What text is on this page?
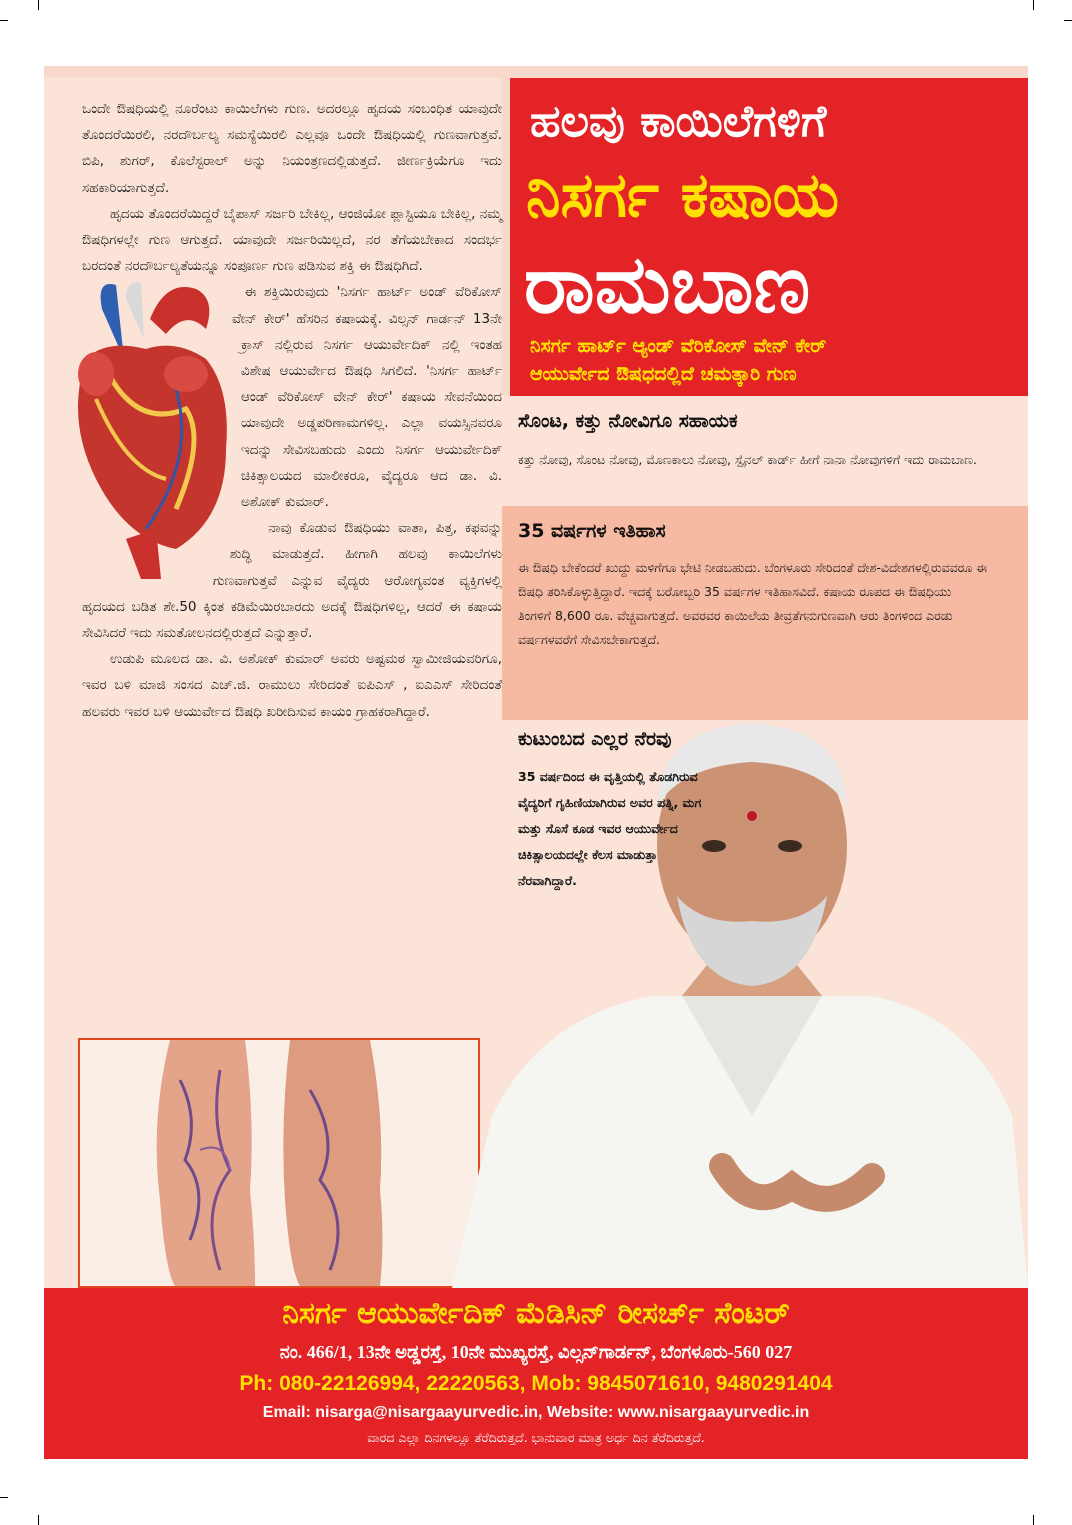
ಒಂದೇ ಔಷಧಿಯಲ್ಲಿ ನೂರೆಂಟು ಕಾಯಿಲೆಗಳು ಗುಣ. ಅದರಲ್ಲೂ ಹೃದಯ ಸಂಬಂಧಿತ ಯಾವುದೇ ತೊಂದರೆಯಿರಲಿ, ನರದೌರ್ಬಲ್ಯ ಸಮಸ್ಯೆಯಿರಲಿ ಎಲ್ಲವೂ ಒಂದೇ ಔಷಧಿಯಲ್ಲಿ ಗುಣವಾಗುತ್ತವೆ. ಬಿಪಿ, ಶುಗರ್, ಕೊಲೆಸ್ಟರಾಲ್ ಅನ್ನು ನಿಯಂತ್ರಣದಲ್ಲಿಡುತ್ತದೆ. ಜೀರ್ಣಕ್ರಿಯೆಗೂ ಇದು ಸಹಕಾರಿಯಾಗುತ್ತದೆ.

ಹೃದಯ ತೊಂದರೆಯಿದ್ದರೆ ಬೈಪಾಸ್ ಸರ್ಜರಿ ಬೇಕಿಲ್ಲ, ಆಂಜಿಯೋ ಪ್ಲಾಸ್ಟಿಯೂ ಬೇಕಿಲ್ಲ, ನಮ್ಮ ಔಷಧಿಗಳಲ್ಲೇ ಗುಣ ಆಗುತ್ತದೆ. ಯಾವುದೇ ಸರ್ಜರಿಯಿಲ್ಲದೆ, ನರ ತೆಗೆಯಬೇಕಾದ ಸಂದರ್ಭ ಬರದಂತೆ ನರದೌರ್ಬಲ್ಯತೆಯನ್ನೂ ಸಂಪೂರ್ಣ ಗುಣ ಪಡಿಸುವ ಶಕ್ತಿ ಈ ಔಷಧಿಗಿದೆ.

ಈ ಶಕ್ತಿಯಿರುವುದು 'ನಿಸರ್ಗ ಹಾರ್ಟ್ ಅಂಡ್ ವೆರಿಕೋಸ್ ವೇನ್ ಕೇರ್' ಹೆಸರಿನ ಕಷಾಯಕ್ಕೆ. ವಿಲ್ಸನ್ ಗಾರ್ಡನ್ 13ನೇ ಕ್ರಾಸ್ ನಲ್ಲಿರುವ ನಿಸರ್ಗ ಆಯುರ್ವೇದಿಕ್ ನಲ್ಲಿ ಇಂತಹ ವಿಶೇಷ ಆಯುರ್ವೇದ ಔಷಧಿ ಸಿಗಲಿದೆ. 'ನಿಸರ್ಗ ಹಾರ್ಟ್ ಆಂಡ್ ವೆರಿಕೋಸ್ ವೇನ್ ಕೇರ್' ಕಷಾಯ ಸೇವನೆಯಿಂದ ಯಾವುದೇ ಅಡ್ಡಪರಿಣಾಮಗಳಿಲ್ಲ. ಎಲ್ಲಾ ವಯಸ್ಸಿನವರೂ ಇದನ್ನು ಸೇವಿಸಬಹುದು ಎಂದು ನಿಸರ್ಗ ಆಯುರ್ವೇದಿಕ್ ಚಿಕಿತ್ಸಾಲಯದ ಮಾಲೀಕರೂ, ವೈದ್ಯರೂ ಆದ ಡಾ. ವಿ. ಅಶೋಕ್ ಕುಮಾರ್.

ನಾವು ಕೊಡುವ ಔಷಧಿಯು ವಾತಾ, ಪಿತ್ತ, ಕಫವನ್ನು ಶುದ್ಧಿ ಮಾಡುತ್ತದೆ. ಹೀಗಾಗಿ ಹಲವು ಕಾಯಿಲೆಗಳು ಗುಣವಾಗುತ್ತವೆ ಎನ್ನುವ ವೈದ್ಯರು ಆರೋಗ್ಯವಂತ ವ್ಯಕ್ತಿಗಳಲ್ಲಿ ಹೃದಯದ ಬಡಿತ ಶೇ.50 ಕ್ಕಿಂತ ಕಡಿಮೆಯಿರಬಾರದು ಅದಕ್ಕೆ ಔಷಧಿಗಳಿಲ್ಲ, ಆದರೆ ಈ ಕಷಾಯ ಸೇವಿಸಿದರೆ ಇದು ಸಮತೋಲನದಲ್ಲಿರುತ್ತದೆ ಎನ್ನುತ್ತಾರೆ.

ಉಡುಪಿ ಮೂಲದ ಡಾ. ವಿ. ಅಶೋಕ್ ಕುಮಾರ್ ಅವರು ಅಷ್ಟಮಠ ಸ್ವಾಮೀಜಿಯವರಿಗೂ, ಇವರ ಬಳಿ ಮಾಜಿ ಸಂಸದ ಎಚ್.ಜಿ. ರಾಮುಲು ಸೇರಿದಂತೆ ಐಪಿಎಸ್ , ಐಎಎಸ್ ಸೇರಿದಂತೆ ಹಲವರು ಇವರ ಬಳಿ ಆಯುರ್ವೇದ ಔಷಧಿ ಖರೀದಿಸುವ ಕಾಯಂ ಗ್ರಾಹಕರಾಗಿದ್ದಾರೆ.

ಹಲವು ಕಾಯಿಲೆಗಳಿಗೆ
ನಿಸರ್ಗ ಕಷಾಯ
ರಾಮಬಾಣ
ನಿಸರ್ಗ ಹಾರ್ಟ್ ಆ್ಯಂಡ್ ವೆರಿಕೋಸ್ ವೇನ್ ಕೇರ್
ಆಯುರ್ವೇದ ಔಷಧದಲ್ಲಿದೆ ಚಮತ್ಕಾರಿ ಗುಣ
ಸೊಂಟ, ಕತ್ತು ನೋವಿಗೂ ಸಹಾಯಕ
ಕತ್ತು ನೋವು, ಸೊಂಟ ನೋವು, ಮೊಣಕಾಲು ನೋವು, ಸ್ಪೈನಲ್ ಕಾರ್ಡ್ ಹೀಗೆ ನಾನಾ ನೋವುಗಳಿಗೆ ಇದು ರಾಮಬಾಣ.
35 ವರ್ಷಗಳ ಇತಿಹಾಸ
ಈ ಔಷಧಿ ಬೇಕೆಂದರೆ ಖುದ್ದು ಮಳಿಗೆಗೂ ಭೇಟಿ ನೀಡಬಹುದು. ಬೆಂಗಳೂರು ಸೇರಿದಂತೆ ದೇಶ-ವಿದೇಶಗಳಲ್ಲಿರುವವರೂ ಈ ಔಷಧಿ ತರಿಸಿಕೊಳ್ಳುತ್ತಿದ್ದಾರೆ. ಇದಕ್ಕೆ ಬರೋಬ್ಬರಿ 35 ವರ್ಷಗಳ ಇತಿಹಾಸವಿದೆ. ಕಷಾಯ ರೂಪದ ಈ ಔಷಧಿಯು ತಿಂಗಳಿಗೆ 8,600 ರೂ. ವೆಚ್ಚವಾಗುತ್ತದೆ. ಅವರವರ ಕಾಯಿಲೆಯ ತೀವ್ರತೆಗನುಗುಣವಾಗಿ ಆರು ತಿಂಗಳಿಂದ ಎರಡು ವರ್ಷಗಳವರೆಗೆ ಸೇವಿಸಬೇಕಾಗುತ್ತದೆ.
ಕುಟುಂಬದ ಎಲ್ಲರ ನೆರವು
35 ವರ್ಷದಿಂದ ಈ ವೃತ್ತಿಯಲ್ಲಿ ತೊಡಗಿರುವ ವೈದ್ಯರಿಗೆ ಗೃಹಿಣಿಯಾಗಿರುವ ಅವರ ಪತ್ನಿ, ಮಗ ಮತ್ತು ಸೊಸೆ ಕೂಡ ಇವರ ಆಯುರ್ವೇದ ಚಿಕಿತ್ಸಾಲಯದಲ್ಲೇ ಕೆಲಸ ಮಾಡುತ್ತಾ ನೆರವಾಗಿದ್ದಾರೆ.
ನಿಸರ್ಗ ಆಯುರ್ವೇದಿಕ್ ಮೆಡಿಸಿನ್ ರೀಸರ್ಚ್ ಸೆಂಟರ್
ನಂ. 466/1, 13ನೇ ಅಡ್ಡರಸ್ತೆ, 10ನೇ ಮುಖ್ಯರಸ್ತೆ, ವಿಲ್ಸನ್‌ಗಾರ್ಡನ್, ಬೆಂಗಳೂರು-560 027
Ph: 080-22126994, 22220563, Mob: 9845071610, 9480291404
Email: nisarga@nisargaayurvedic.in, Website: www.nisargaayurvedic.in
ವಾರದ ಎಲ್ಲಾ ದಿನಗಳಲ್ಲೂ ತೆರೆದಿರುತ್ತದೆ. ಭಾನುವಾರ ಮಾತ್ರ ಅರ್ಧ ದಿನ ತೆರೆದಿರುತ್ತದೆ.
